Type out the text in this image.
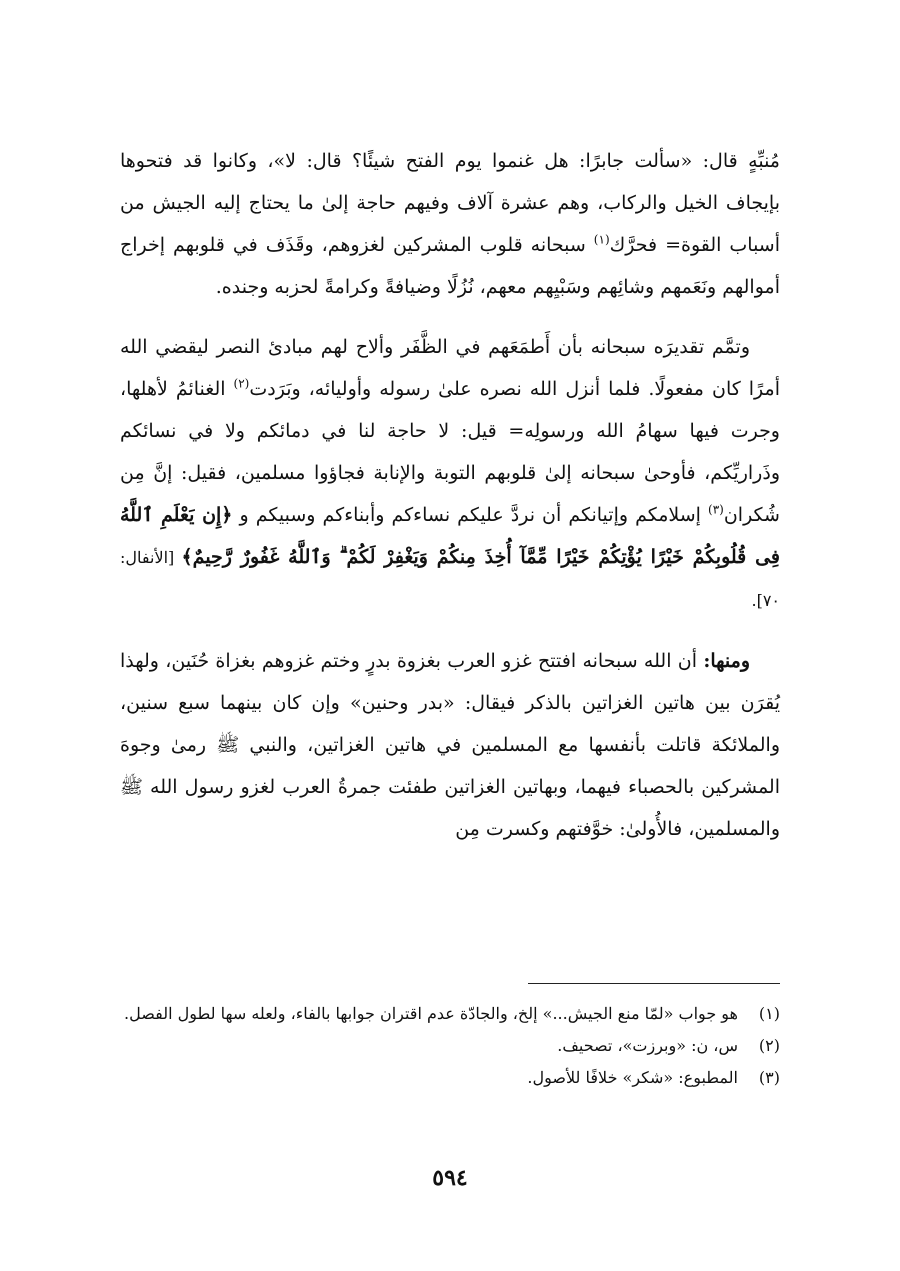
مُنبِّهٍ قال: «سألت جابرًا: هل غنموا يوم الفتح شيئًا؟ قال: لا»، وكانوا قد فتحوها بإيجاف الخيل والركاب، وهم عشرة آلاف وفيهم حاجة إلىٰ ما يحتاج إليه الجيش من أسباب القوة= فحرَّك$^{(١)}$ سبحانه قلوب المشركين لغزوهم، وقَذَف في قلوبهم إخراج أموالهم ونَعَمهم وشائِهم وسَبْيِهم معهم، نُزُلًا وضيافةً وكرامةً لحزبه وجنده.

وتمَّم تقديرَه سبحانه بأن أَطمَعَهم في الظَّفَر وألاح لهم مبادئ النصر ليقضي الله أمرًا كان مفعولًا. فلما أنزل الله نصره علىٰ رسوله وأوليائه، وبَرَدت$^{(٢)}$ الغنائمُ لأهلها، وجرت فيها سهامُ الله ورسولِه= قيل: لا حاجة لنا في دمائكم ولا في نسائكم وذَراريِّكم، فأوحىٰ سبحانه إلىٰ قلوبهم التوبة والإنابة فجاؤوا مسلمين، فقيل: إنَّ مِن شُكران$^{(٣)}$ إسلامكم وإتيانكم أن نردَّ عليكم نساءكم وأبناءكم وسبيكم و ﴿إِن يَعْلَمِ ٱللَّهُ فِى قُلُوبِكُمْ خَيْرًا يُؤْتِكُمْ خَيْرًا مِّمَّآ أُخِذَ مِنكُمْ وَيَغْفِرْ لَكُمْ ۗ وَٱللَّهُ غَفُورٌ رَّحِيمٌ﴾ [الأنفال: ٧٠].

ومنها: أن الله سبحانه افتتح غزو العرب بغزوة بدرٍ وختم غزوهم بغزاة حُنَين، ولهذا يُقرَن بين هاتين الغزاتين بالذكر فيقال: «بدر وحنين» وإن كان بينهما سبع سنين، والملائكة قاتلت بأنفسها مع المسلمين في هاتين الغزاتين، والنبي ﷺ رمىٰ وجوهَ المشركين بالحصباء فيهما، وبهاتين الغزاتين طفئت جمرةُ العرب لغزو رسول الله ﷺ والمسلمين، فالأُولىٰ: خوَّفتهم وكسرت مِن

(١)
هو جواب «لمّا منع الجيش...» إلخ، والجادّة عدم اقتران جوابها بالفاء، ولعله سها لطول الفصل.
(٢)
س، ن: «وبرزت»، تصحيف.
(٣)
المطبوع: «شكر» خلافًا للأصول.
٥٩٤
